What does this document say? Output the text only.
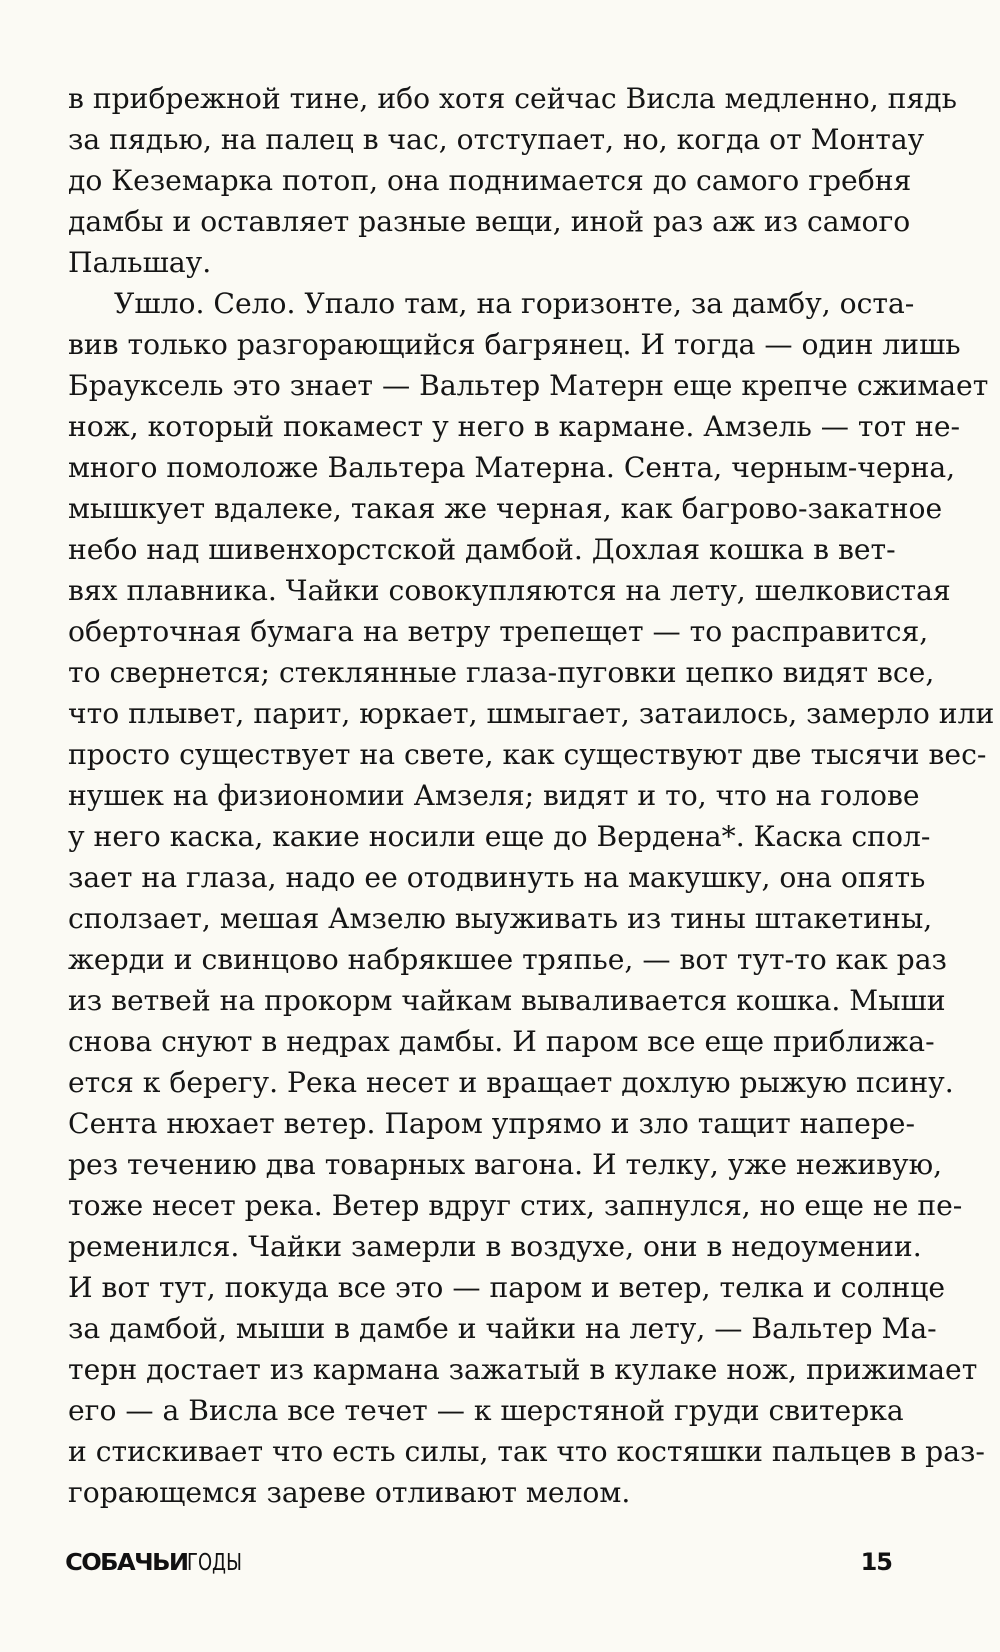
в прибрежной тине, ибо хотя сейчас Висла медленно, пядь
за пядью, на палец в час, отступает, но, когда от Монтау
до Кеземарка потоп, она поднимается до самого гребня
дамбы и оставляет разные вещи, иной раз аж из самого
Пальшау.
Ушло. Село. Упало там, на горизонте, за дамбу, оста-
вив только разгорающийся багрянец. И тогда — один лишь
Брауксель это знает — Вальтер Матерн еще крепче сжимает
нож, который покамест у него в кармане. Амзель — тот не-
много помоложе Вальтера Матерна. Сента, черным-черна,
мышкует вдалеке, такая же черная, как багрово-закатное
небо над шивенхорстской дамбой. Дохлая кошка в вет-
вях плавника. Чайки совокупляются на лету, шелковистая
оберточная бумага на ветру трепещет — то расправится,
то свернется; стеклянные глаза-пуговки цепко видят все,
что плывет, парит, юркает, шмыгает, затаилось, замерло или
просто существует на свете, как существуют две тысячи вес-
нушек на физиономии Амзеля; видят и то, что на голове
у него каска, какие носили еще до Вердена*. Каска спол-
зает на глаза, надо ее отодвинуть на макушку, она опять
сползает, мешая Амзелю выуживать из тины штакетины,
жерди и свинцово набрякшее тряпье, — вот тут-то как раз
из ветвей на прокорм чайкам вываливается кошка. Мыши
снова снуют в недрах дамбы. И паром все еще приближа-
ется к берегу. Река несет и вращает дохлую рыжую псину.
Сента нюхает ветер. Паром упрямо и зло тащит напере-
рез течению два товарных вагона. И телку, уже неживую,
тоже несет река. Ветер вдруг стих, запнулся, но еще не пе-
ременился. Чайки замерли в воздухе, они в недоумении.
И вот тут, покуда все это — паром и ветер, телка и солнце
за дамбой, мыши в дамбе и чайки на лету, — Вальтер Ма-
терн достает из кармана зажатый в кулаке нож, прижимает
его — а Висла все течет — к шерстяной груди свитерка
и стискивает что есть силы, так что костяшки пальцев в раз-
горающемся зареве отливают мелом.
СОБАЧЬИГОДЫ	15
